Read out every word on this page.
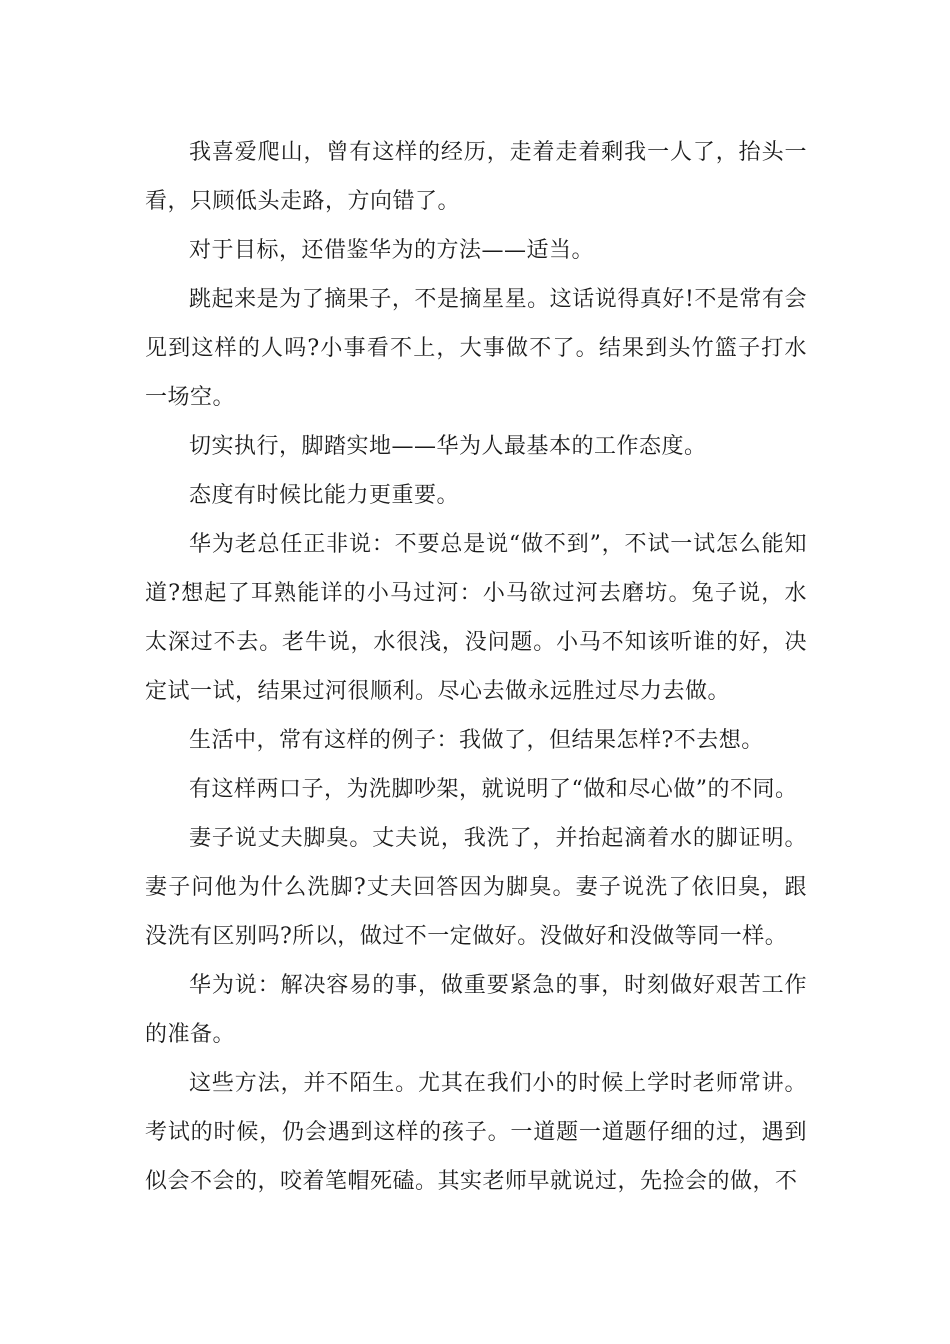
我喜爱爬山，曾有这样的经历，走着走着剩我一人了，抬头一看，只顾低头走路，方向错了。

对于目标，还借鉴华为的方法——适当。

跳起来是为了摘果子，不是摘星星。这话说得真好!不是常有会见到这样的人吗?小事看不上，大事做不了。结果到头竹篮子打水一场空。

切实执行，脚踏实地——华为人最基本的工作态度。

态度有时候比能力更重要。

华为老总任正非说：不要总是说“做不到”，不试一试怎么能知道?想起了耳熟能详的小马过河：小马欲过河去磨坊。兔子说，水太深过不去。老牛说，水很浅，没问题。小马不知该听谁的好，决定试一试，结果过河很顺利。尽心去做永远胜过尽力去做。

生活中，常有这样的例子：我做了，但结果怎样?不去想。

有这样两口子，为洗脚吵架，就说明了“做和尽心做”的不同。

妻子说丈夫脚臭。丈夫说，我洗了，并抬起滴着水的脚证明。妻子问他为什么洗脚?丈夫回答因为脚臭。妻子说洗了依旧臭，跟没洗有区别吗?所以，做过不一定做好。没做好和没做等同一样。

华为说：解决容易的事，做重要紧急的事，时刻做好艰苦工作的准备。

这些方法，并不陌生。尤其在我们小的时候上学时老师常讲。考试的时候，仍会遇到这样的孩子。一道题一道题仔细的过，遇到似会不会的，咬着笔帽死磕。其实老师早就说过，先捡会的做，不
